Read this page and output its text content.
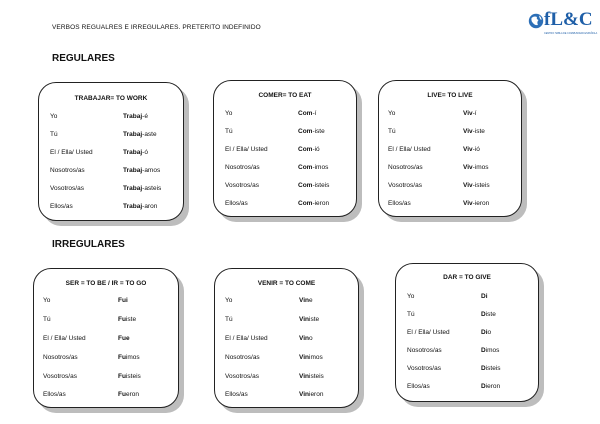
VERBOS REGUALRES E IRREGULARES. PRETERITO INDEFINIDO	fL&C
CENTRO HABLA DE COMMUNIDAD ESPAÑOLA
REGULARES
IRREGULARES
TRABAJAR= TO WORK
Yo	Trabaj-é
Tú	Trabaj-aste
El / Ella/ Usted	Trabaj-ó
Nosotros/as	Trabaj-amos
Vosotros/as	Trabaj-asteis
Ellos/as	Trabaj-aron
COMER= TO EAT
Yo	Com-í
Tú	Com-iste
El / Ella/ Usted	Com-ió
Nosotros/as	Com-imos
Vosotros/as	Com-isteis
Ellos/as	Com-ieron
LIVE= TO LIVE
Yo	Viv-í
Tú	Viv-iste
El / Ella/ Usted	Viv-ió
Nosotros/as	Viv-imos
Vosotros/as	Viv-isteis
Ellos/as	Viv-ieron
SER = TO BE / IR = TO GO
Yo	Fui
Tú	Fuiste
El / Ella/ Usted	Fue
Nosotros/as	Fuimos
Vosotros/as	Fuisteis
Ellos/as	Fueron
VENIR = TO COME
Yo	Vine
Tú	Viniste
El / Ella/ Usted	Vino
Nosotros/as	Vinimos
Vosotros/as	Vinisteis
Ellos/as	Vinieron
DAR = TO GIVE
Yo	Di
Tú	Diste
El / Ella/ Usted	Dio
Nosotros/as	Dimos
Vosotros/as	Disteis
Ellos/as	Dieron
